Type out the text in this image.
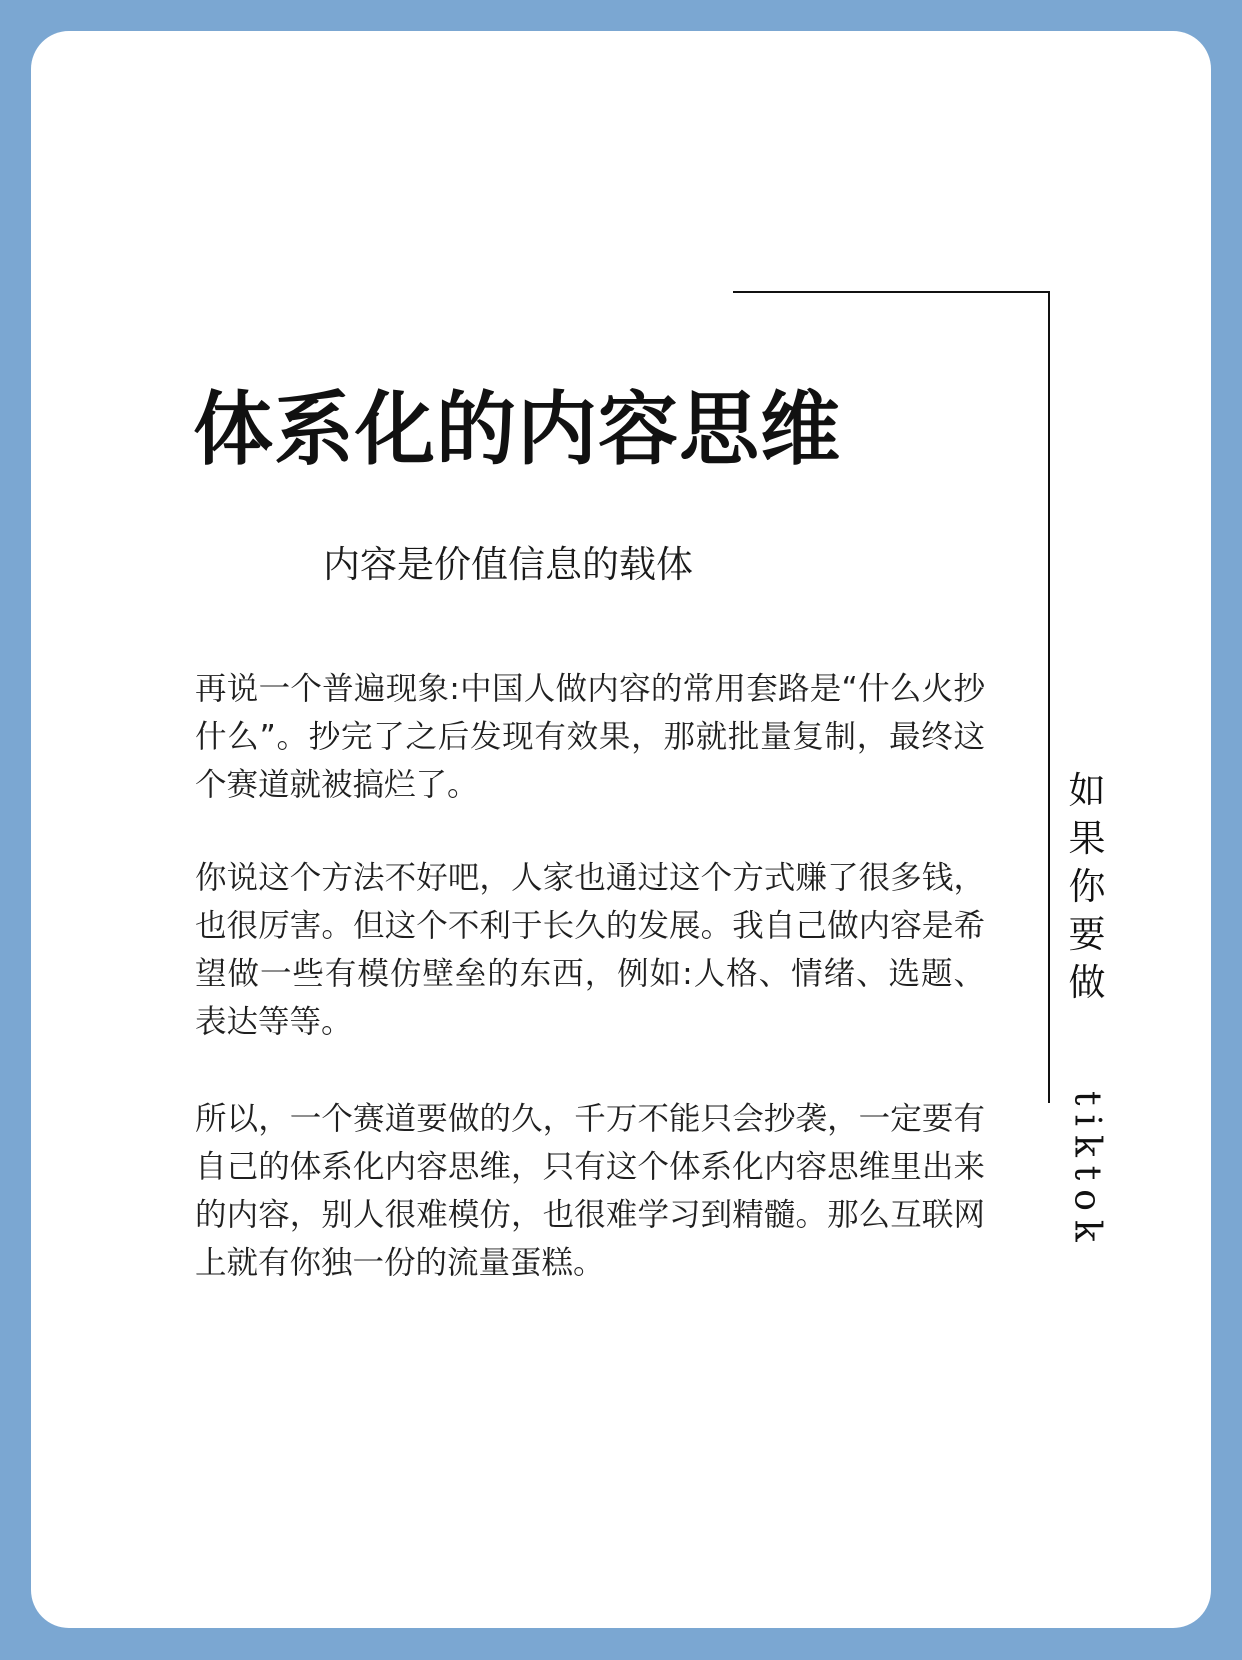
体系化的内容思维

内容是价值信息的载体

再说一个普遍现象:中国人做内容的常用套路是“什么火抄什么”。抄完了之后发现有效果，那就批量复制，最终这个赛道就被搞烂了。

你说这个方法不好吧，人家也通过这个方式赚了很多钱，也很厉害。但这个不利于长久的发展。我自己做内容是希望做一些有模仿壁垒的东西，例如:人格、情绪、选题、表达等等。

所以，一个赛道要做的久，千万不能只会抄袭，一定要有自己的体系化内容思维，只有这个体系化内容思维里出来的内容，别人很难模仿，也很难学习到精髓。那么互联网上就有你独一份的流量蛋糕。

如果你要做
tiktok
